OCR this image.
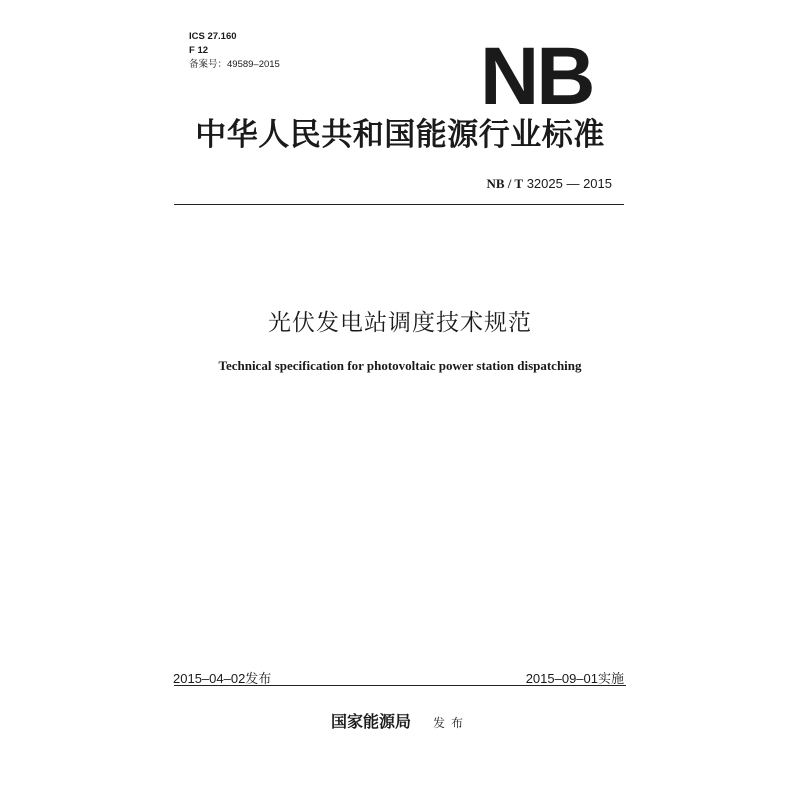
ICS 27.160
F 12
备案号：49589–2015 NB
中华人民共和国能源行业标准
NB / T 32025 — 2015
光伏发电站调度技术规范
Technical specification for photovoltaic power station dispatching
2015–04–02发布	2015–09–01实施
国家能源局 发布
